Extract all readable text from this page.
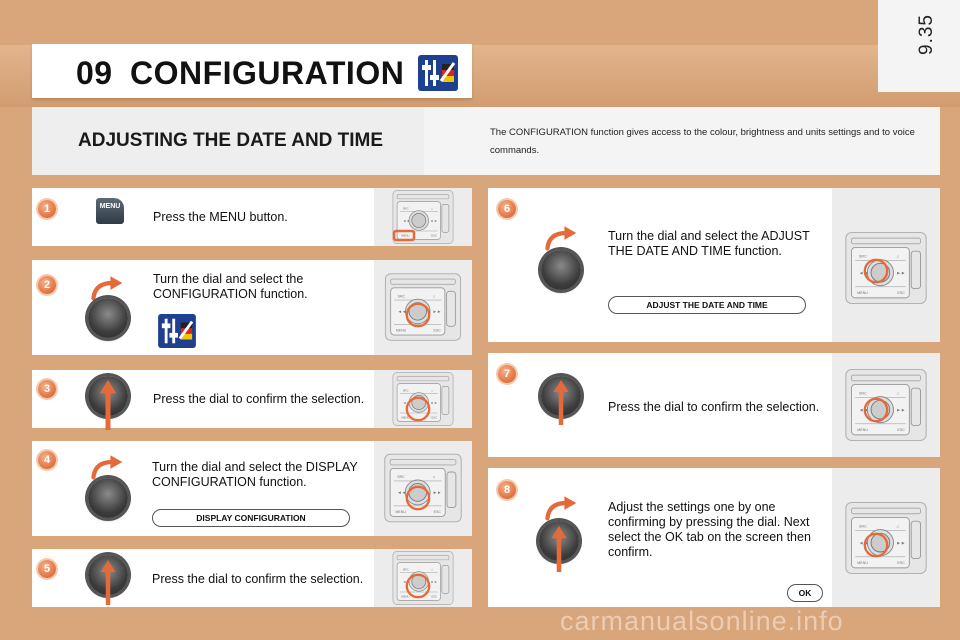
9.35
09 CONFIGURATION
ADJUSTING THE DATE AND TIME	The CONFIGURATION function gives access to the colour, brightness and units settings and to voice commands.
1	MENU
Press the MENU button.
2	Turn the dial and select the CONFIGURATION function.
3
Press the dial to confirm the selection.
4	Turn the dial and select the DISPLAY CONFIGURATION function.
DISPLAY CONFIGURATION
5
Press the dial to confirm the selection.
6
Turn the dial and select the ADJUST THE DATE AND TIME function.
ADJUST THE DATE AND TIME
7
Press the dial to confirm the selection.
8
Adjust the settings one by one confirming by pressing the dial. Next select the OK tab on the screen then confirm.
OK
carmanualsonline.info
